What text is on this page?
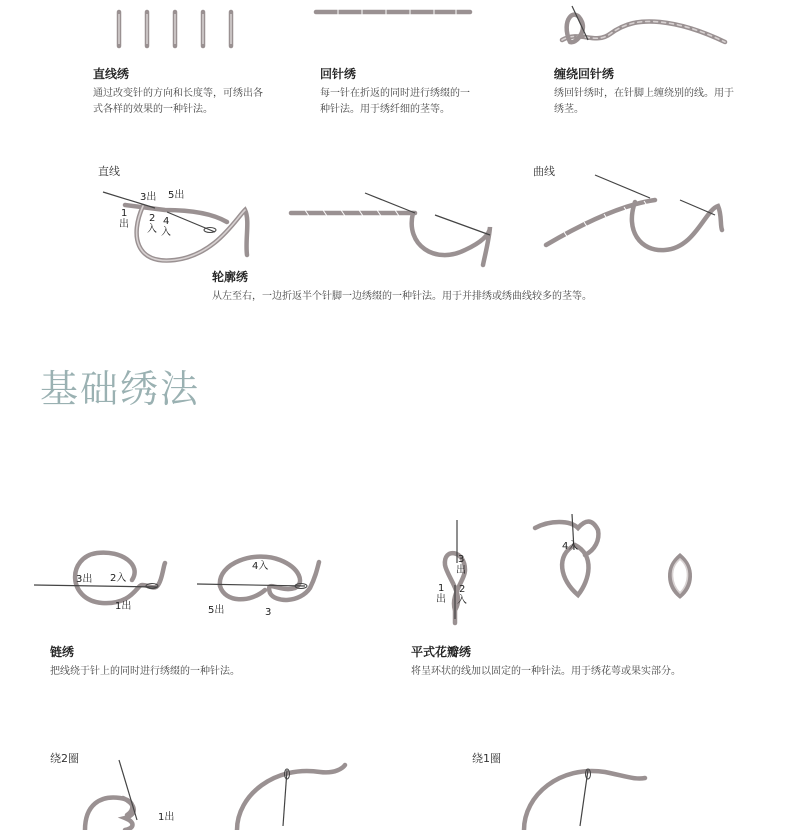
直线绣
通过改变针的方向和长度等，可绣出各
式各样的效果的一种针法。
回针绣
每一针在折返的同时进行绣缀的一
种针法。用于绣纤细的茎等。
缠绕回针绣
绣回针绣时，在针脚上缠绕别的线。用于
绣茎。
直线	曲线
3出 5出
1
出
2
入
4
入
轮廓绣
从左至右，一边折返半个针脚一边绣缀的一种针法。用于并排绣或绣曲线较多的茎等。
基础绣法
3出 2入
1出
4入
5出	3
链绣
把线绕于针上的同时进行绣缀的一种针法。
3
出
1
出
2
入
4入
平式花瓣绣
将呈环状的线加以固定的一种针法。用于绣花萼或果实部分。
绕2圈	绕1圈
1出
